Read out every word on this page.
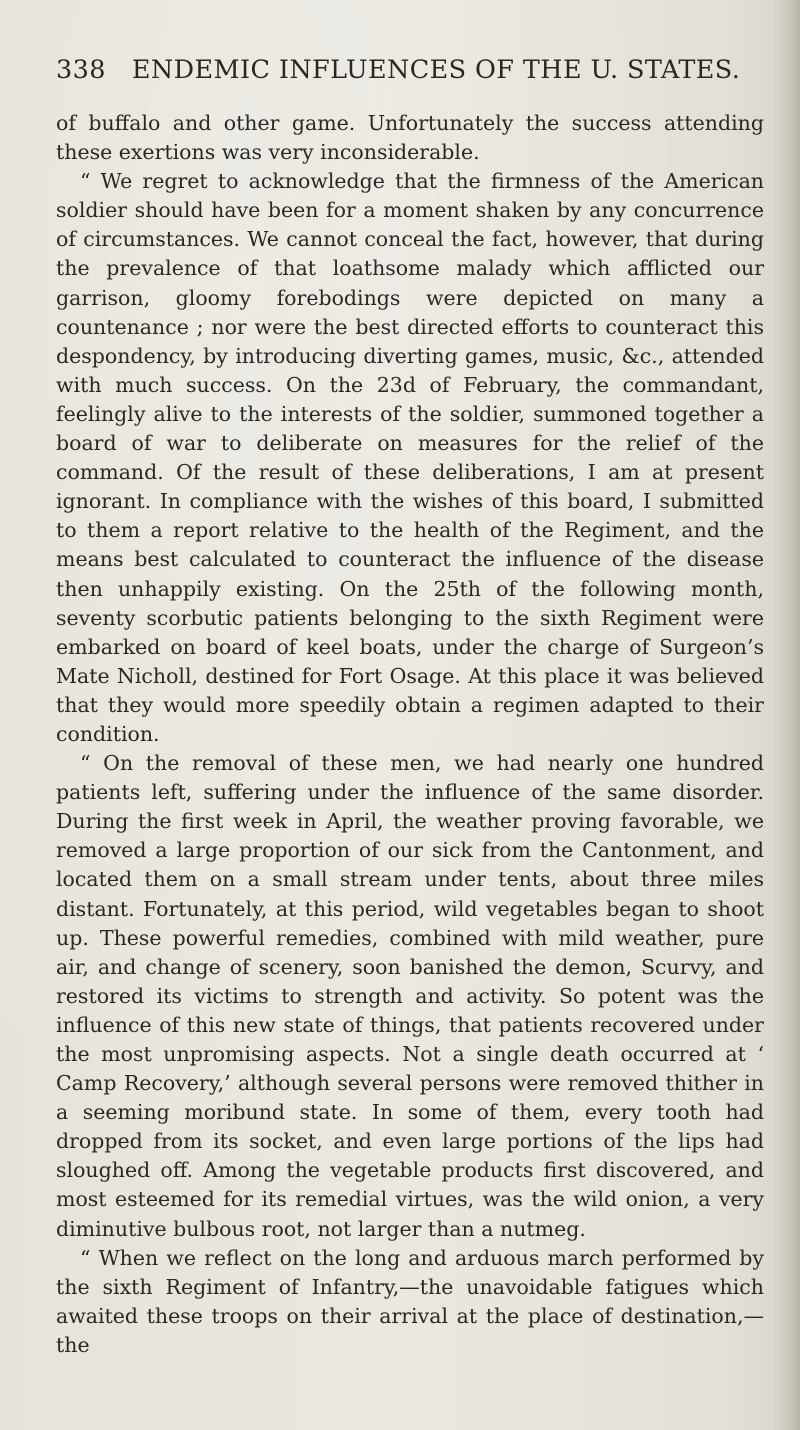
338 ENDEMIC INFLUENCES OF THE U. STATES.

of buffalo and other game. Unfortunately the success attending these exertions was very inconsiderable.

“ We regret to acknowledge that the firmness of the American soldier should have been for a moment shaken by any concurrence of circumstances. We cannot conceal the fact, however, that during the prevalence of that loathsome malady which afflicted our garrison, gloomy forebodings were depicted on many a countenance ; nor were the best directed efforts to counteract this despondency, by introducing diverting games, music, &c., attended with much success. On the 23d of February, the commandant, feelingly alive to the interests of the soldier, summoned together a board of war to deliberate on measures for the relief of the command. Of the result of these deliberations, I am at present ignorant. In compliance with the wishes of this board, I submitted to them a report relative to the health of the Regiment, and the means best calculated to counteract the influence of the disease then unhappily existing. On the 25th of the following month, seventy scorbutic patients belonging to the sixth Regiment were embarked on board of keel boats, under the charge of Surgeon’s Mate Nicholl, destined for Fort Osage. At this place it was believed that they would more speedily obtain a regimen adapted to their condition.

“ On the removal of these men, we had nearly one hundred patients left, suffering under the influence of the same disorder. During the first week in April, the weather proving favorable, we removed a large proportion of our sick from the Cantonment, and located them on a small stream under tents, about three miles distant. Fortunately, at this period, wild vegetables began to shoot up. These powerful remedies, combined with mild weather, pure air, and change of scenery, soon banished the demon, Scurvy, and restored its victims to strength and activity. So potent was the influence of this new state of things, that patients recovered under the most unpromising aspects. Not a single death occurred at ‘ Camp Recovery,’ although several persons were removed thither in a seeming moribund state. In some of them, every tooth had dropped from its socket, and even large portions of the lips had sloughed off. Among the vegetable products first discovered, and most esteemed for its remedial virtues, was the wild onion, a very diminutive bulbous root, not larger than a nutmeg.

“ When we reflect on the long and arduous march performed by the sixth Regiment of Infantry,—the unavoidable fatigues which awaited these troops on their arrival at the place of destination,—the
